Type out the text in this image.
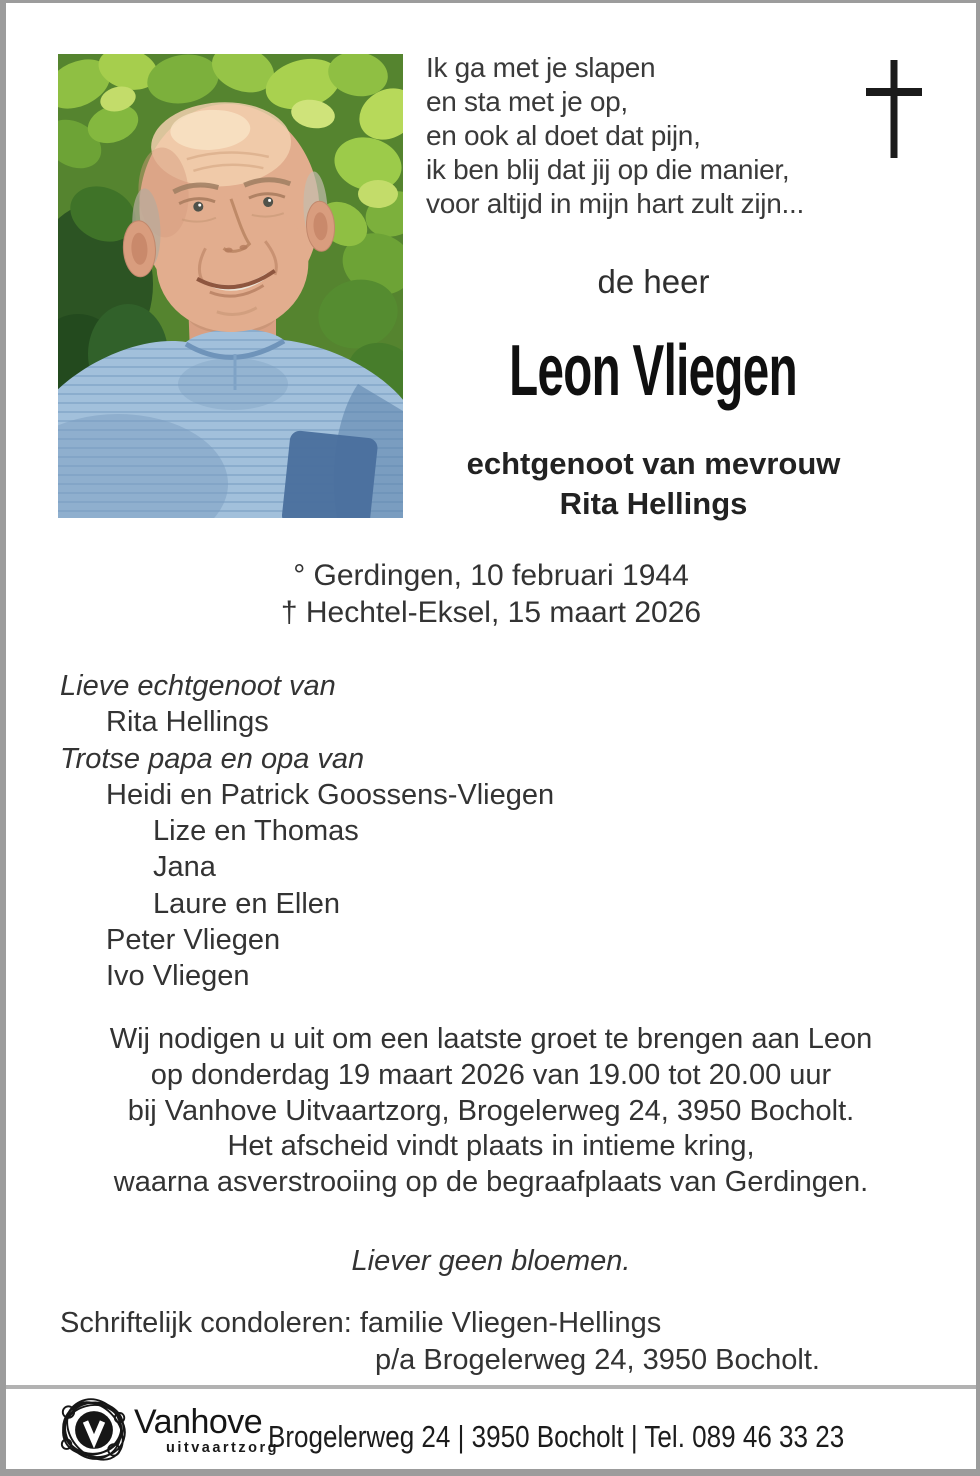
Ik ga met je slapen
en sta met je op,
en ook al doet dat pijn,
ik ben blij dat jij op die manier,
voor altijd in mijn hart zult zijn...
de heer
Leon Vliegen
echtgenoot van mevrouw
Rita Hellings
° Gerdingen, 10 februari 1944
† Hechtel-Eksel, 15 maart 2026
Lieve echtgenoot van
Rita Hellings
Trotse papa en opa van
Heidi en Patrick Goossens-Vliegen
Lize en Thomas
Jana
Laure en Ellen
Peter Vliegen
Ivo Vliegen
Wij nodigen u uit om een laatste groet te brengen aan Leon
op donderdag 19 maart 2026 van 19.00 tot 20.00 uur
bij Vanhove Uitvaartzorg, Brogelerweg 24, 3950 Bocholt.
Het afscheid vindt plaats in intieme kring,
waarna asverstrooiing op de begraafplaats van Gerdingen.
Liever geen bloemen.
Schriftelijk condoleren: familie Vliegen-Hellings
p/a Brogelerweg 24, 3950 Bocholt.
Vanhove
uitvaartzorg
Brogelerweg 24 | 3950 Bocholt | Tel. 089 46 33 23
